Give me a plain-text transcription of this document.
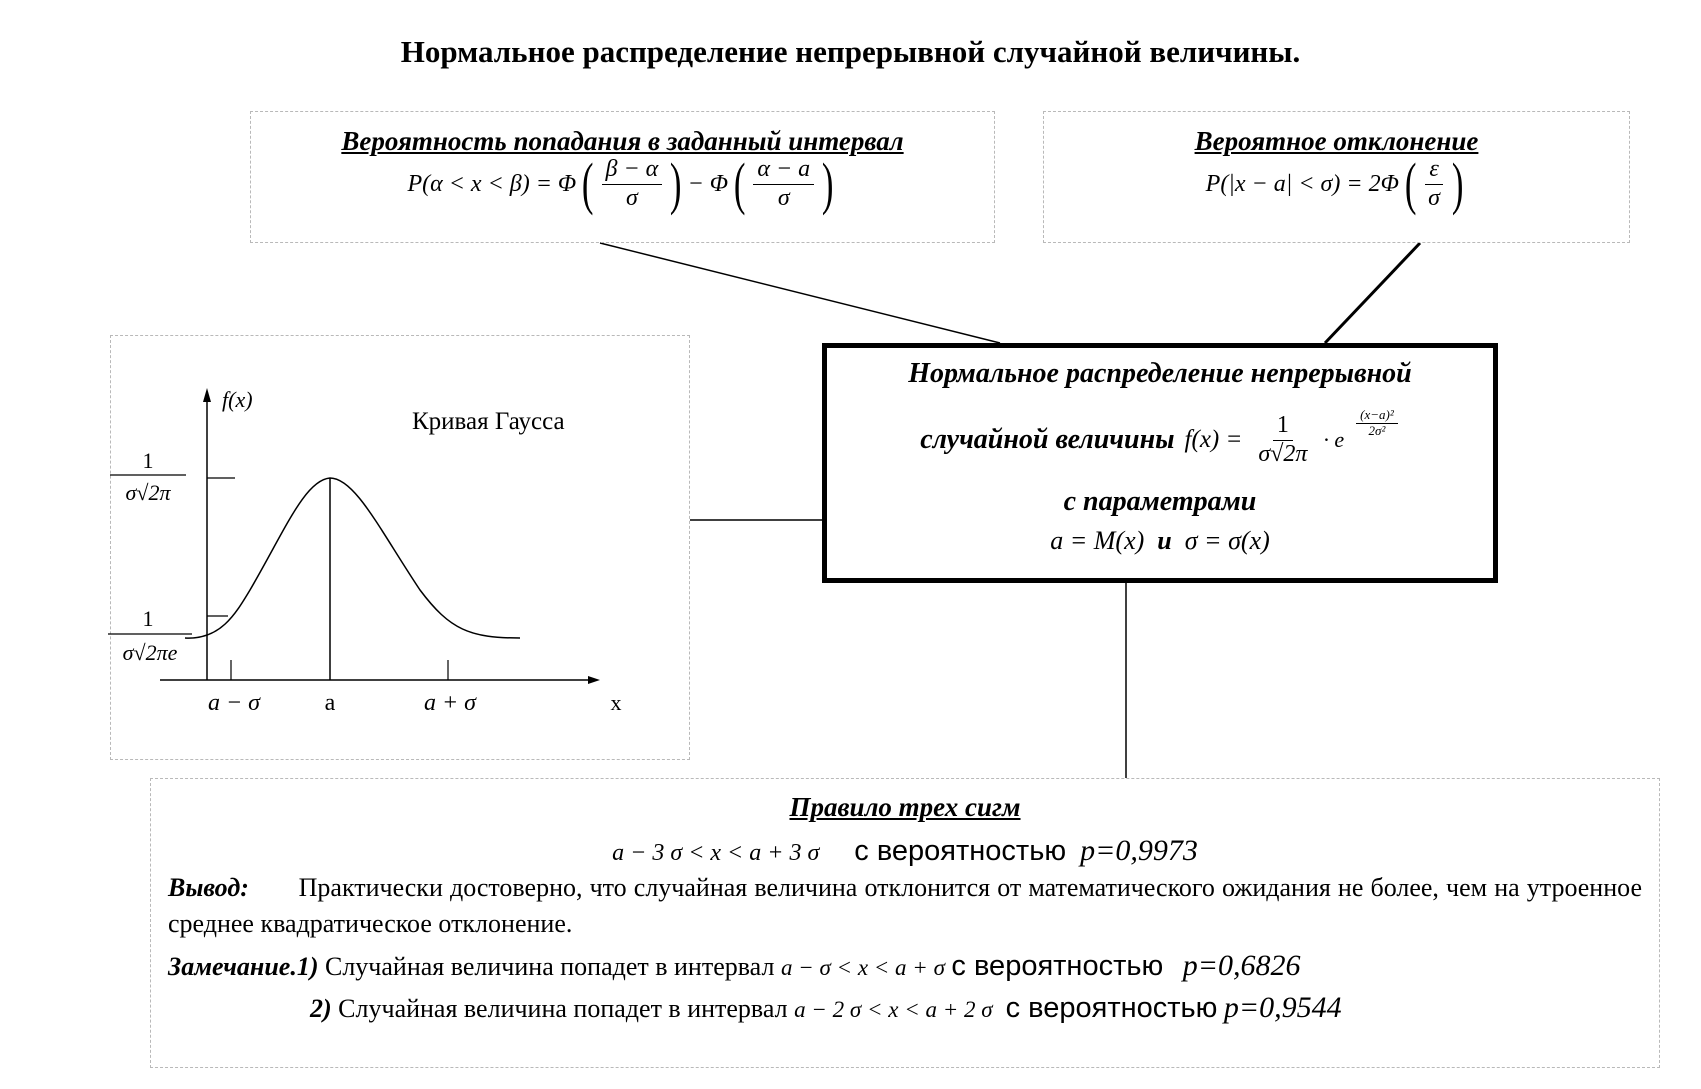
Нормальное распределение непрерывной случайной величины.
Вероятность попадания в заданный интервал
P(α < x < β) = Φ ( $\frac{\beta - \alpha}{\sigma}$ ) − Φ ( $\frac{\alpha - a}{\sigma}$ )
Вероятное отклонение
P(|x − a| < σ) = 2Φ ( $\frac{\varepsilon}{\sigma}$ )
f(x)
1
σ√2π
1
σ√2πe
a − σ	a	a + σ	x
Кривая Гаусса
Нормальное распределение непрерывной
случайной величины $f(x) = \frac{1}{\sigma√2\pi} \cdot e$
$\frac{\text{(x−a)²}}{\text{2σ²}}$
с параметрами
a = M(x) и σ = σ(x)
Правило трех сигм
a − 3 σ < x < a + 3 σ с вероятностью p=0,9973
Вывод: Практически достоверно, что случайная величина отклонится от математического ожидания не более, чем на утроенное среднее квадратическое отклонение.
Замечание.1) Случайная величина попадет в интервал a − σ < x < a + σ с вероятностью p=0,6826
2) Случайная величина попадет в интервал a − 2 σ < x < a + 2 σ с вероятностью p=0,9544
